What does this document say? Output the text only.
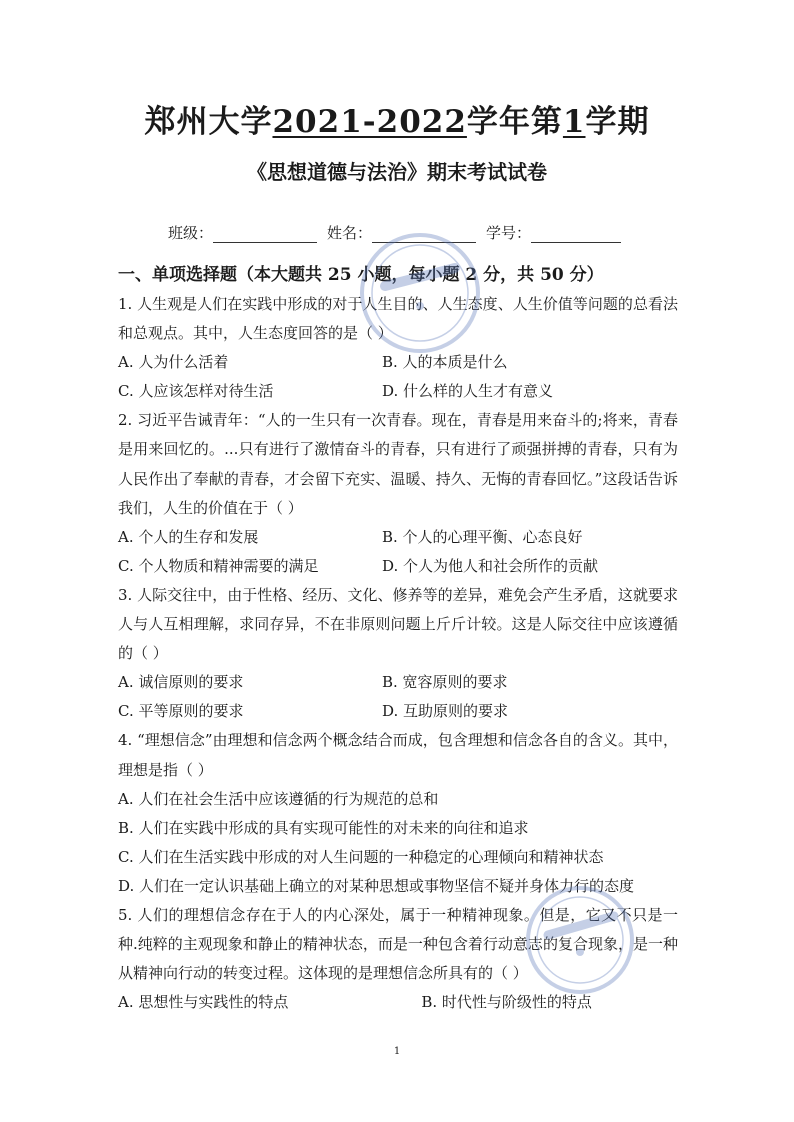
郑州大学2021-2022学年第1学期
《思想道德与法治》期末考试试卷
班级：	姓名：	学号：
一、单项选择题（本大题共 25 小题，每小题 2 分，共 50 分）
1. 人生观是人们在实践中形成的对于人生目的、人生态度、人生价值等问题的总看法和总观点。其中，人生态度回答的是（ ）
A. 人为什么活着	B. 人的本质是什么
C. 人应该怎样对待生活	D. 什么样的人生才有意义
2. 习近平告诫青年：“人的一生只有一次青春。现在，青春是用来奋斗的;将来，青春是用来回忆的。...只有进行了激情奋斗的青春，只有进行了顽强拼搏的青春，只有为人民作出了奉献的青春，才会留下充实、温暖、持久、无悔的青春回忆。”这段话告诉我们，人生的价值在于（ ）
A. 个人的生存和发展	B. 个人的心理平衡、心态良好
C. 个人物质和精神需要的满足	D. 个人为他人和社会所作的贡献
3. 人际交往中，由于性格、经历、文化、修养等的差异，难免会产生矛盾，这就要求人与人互相理解，求同存异，不在非原则问题上斤斤计较。这是人际交往中应该遵循的（ ）
A. 诚信原则的要求	B. 宽容原则的要求
C. 平等原则的要求	D. 互助原则的要求
4. “理想信念”由理想和信念两个概念结合而成，包含理想和信念各自的含义。其中，理想是指（ ）
A. 人们在社会生活中应该遵循的行为规范的总和
B. 人们在实践中形成的具有实现可能性的对未来的向往和追求
C. 人们在生活实践中形成的对人生问题的一种稳定的心理倾向和精神状态
D. 人们在一定认识基础上确立的对某种思想或事物坚信不疑并身体力行的态度
5. 人们的理想信念存在于人的内心深处，属于一种精神现象。但是，它又不只是一种.纯粹的主观现象和静止的精神状态，而是一种包含着行动意志的复合现象，是一种从精神向行动的转变过程。这体现的是理想信念所具有的（ ）
A. 思想性与实践性的特点	B. 时代性与阶级性的特点
1
